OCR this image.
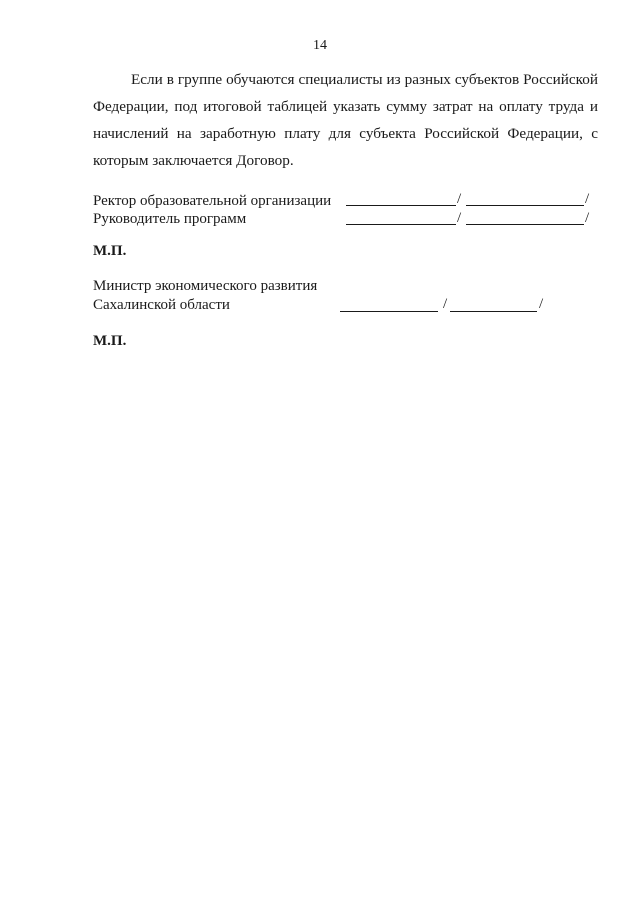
14

Если в группе обучаются специалисты из разных субъектов Российской Федерации, под итоговой таблицей указать сумму затрат на оплату труда и начислений на заработную плату для субъекта Российской Федерации, с которым заключается Договор.

Ректор образовательной организации	/	/
Руководитель программ	/	/
М.П.
Министр экономического развития
Сахалинской области	/	/
М.П.
